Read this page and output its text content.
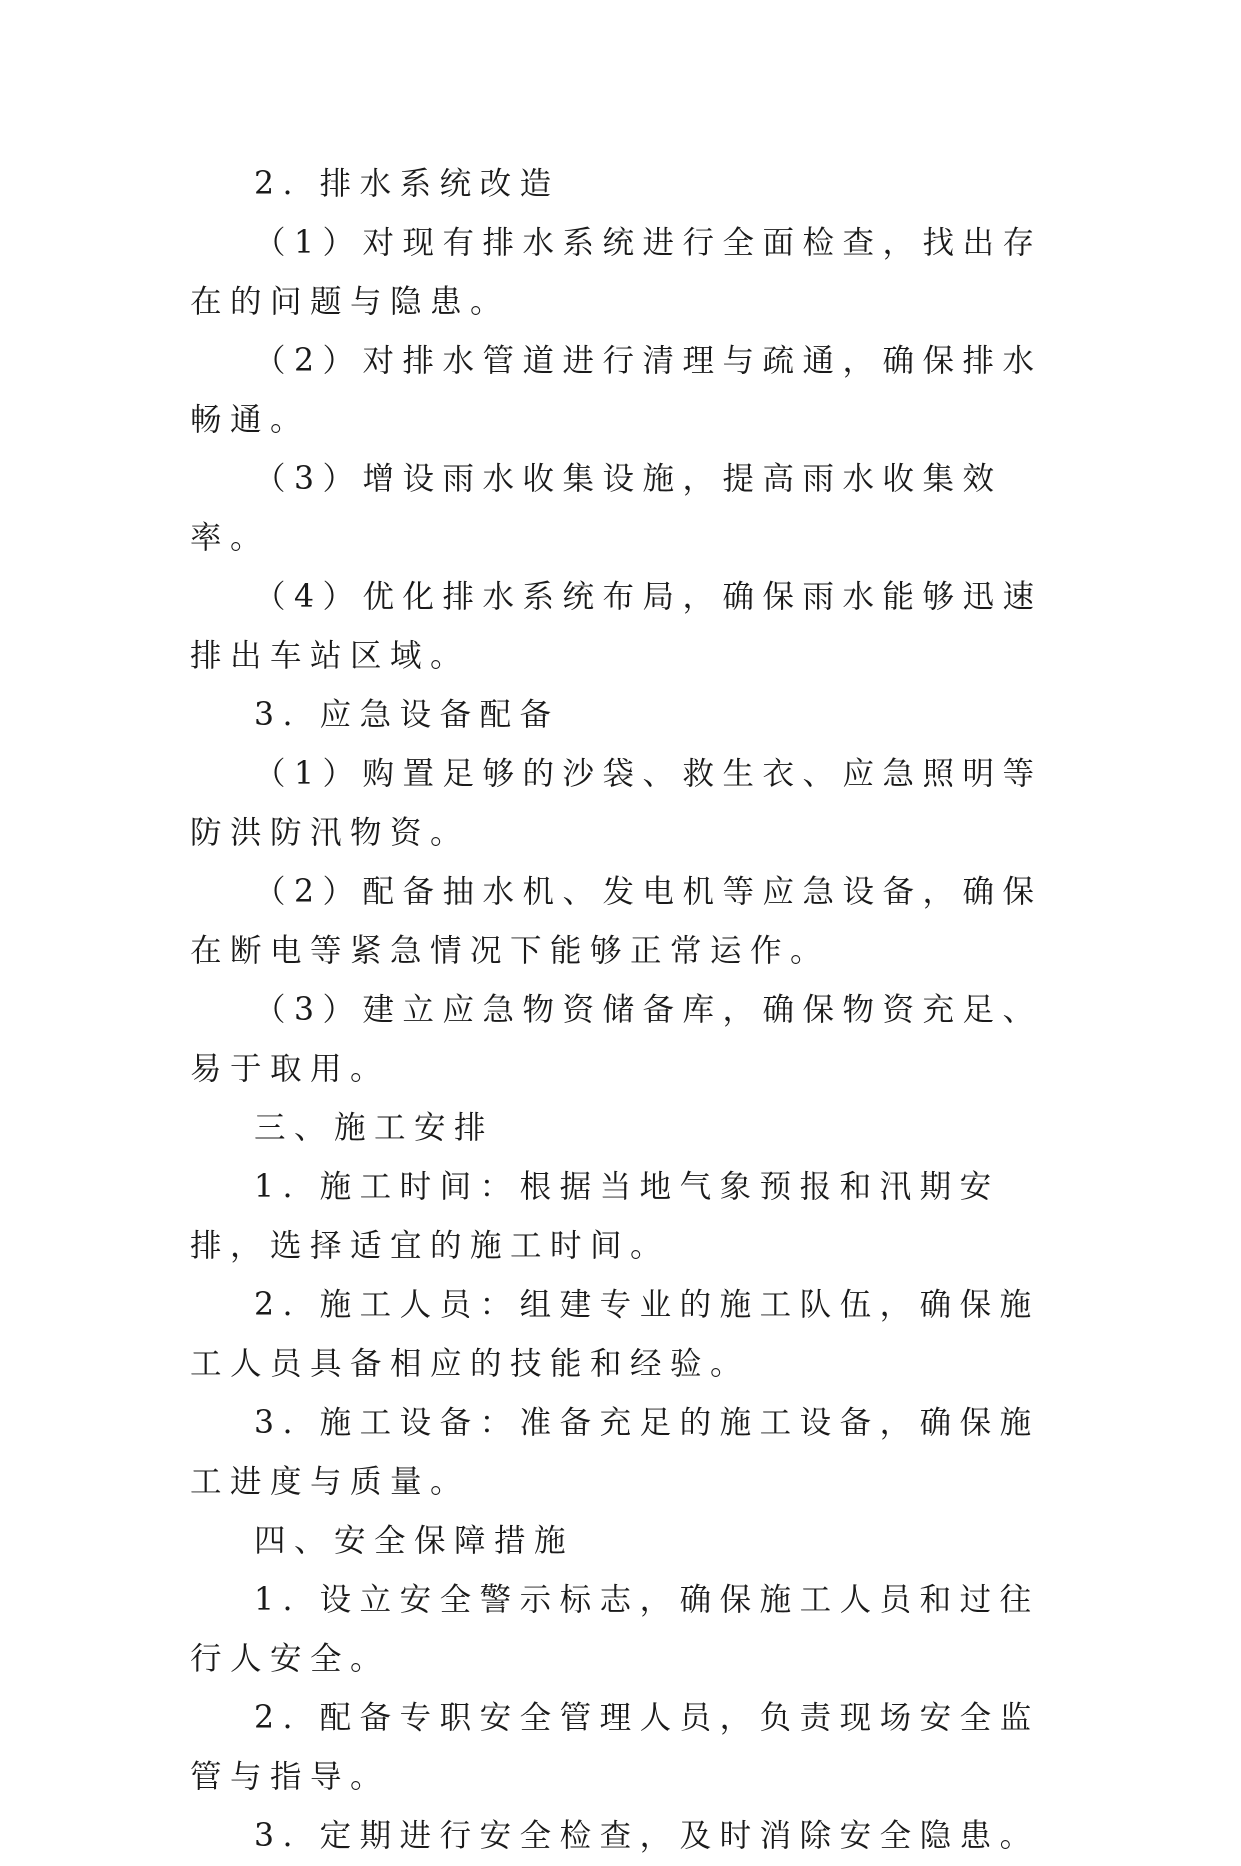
2. 排水系统改造

（1）对现有排水系统进行全面检查，找出存在的问题与隐患。

（2）对排水管道进行清理与疏通，确保排水畅通。

（3）增设雨水收集设施，提高雨水收集效率。

（4）优化排水系统布局，确保雨水能够迅速排出车站区域。

3. 应急设备配备

（1）购置足够的沙袋、救生衣、应急照明等防洪防汛物资。

（2）配备抽水机、发电机等应急设备，确保在断电等紧急情况下能够正常运作。

（3）建立应急物资储备库，确保物资充足、易于取用。

三、施工安排

1. 施工时间：根据当地气象预报和汛期安排，选择适宜的施工时间。

2. 施工人员：组建专业的施工队伍，确保施工人员具备相应的技能和经验。

3. 施工设备：准备充足的施工设备，确保施工进度与质量。

四、安全保障措施

1. 设立安全警示标志，确保施工人员和过往行人安全。

2. 配备专职安全管理人员，负责现场安全监管与指导。

3. 定期进行安全检查，及时消除安全隐患。
